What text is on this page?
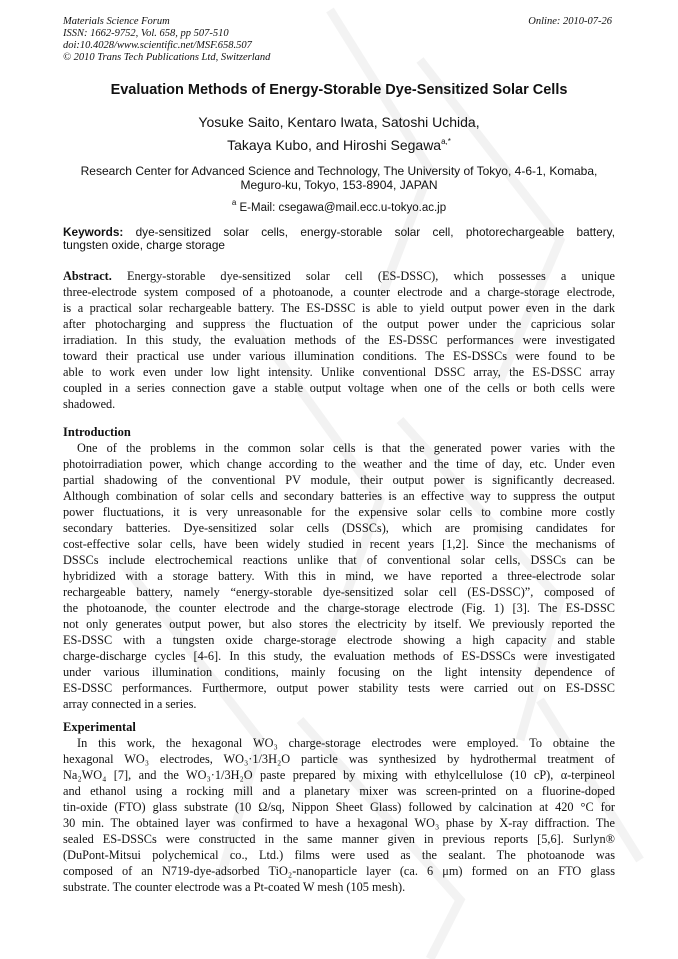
Materials Science Forum
ISSN: 1662-9752, Vol. 658, pp 507-510
doi:10.4028/www.scientific.net/MSF.658.507
© 2010 Trans Tech Publications Ltd, Switzerland
Online: 2010-07-26
Evaluation Methods of Energy-Storable Dye-Sensitized Solar Cells
Yosuke Saito, Kentaro Iwata, Satoshi Uchida,
Takaya Kubo, and Hiroshi Segawa$^{a,*}$
Research Center for Advanced Science and Technology, The University of Tokyo, 4-6-1, Komaba,
Meguro-ku, Tokyo, 153-8904, JAPAN
$^a$ E-Mail: csegawa@mail.ecc.u-tokyo.ac.jp
Keywords: dye-sensitized solar cells, energy-storable solar cell, photorechargeable battery,
tungsten oxide, charge storage
Abstract. Energy-storable dye-sensitized solar cell (ES-DSSC), which possesses a unique
three-electrode system composed of a photoanode, a counter electrode and a charge-storage electrode,
is a practical solar rechargeable battery. The ES-DSSC is able to yield output power even in the dark
after photocharging and suppress the fluctuation of the output power under the capricious solar
irradiation. In this study, the evaluation methods of the ES-DSSC performances were investigated
toward their practical use under various illumination conditions. The ES-DSSCs were found to be
able to work even under low light intensity. Unlike conventional DSSC array, the ES-DSSC array
coupled in a series connection gave a stable output voltage when one of the cells or both cells were
shadowed.
Introduction
One of the problems in the common solar cells is that the generated power varies with the
photoirradiation power, which change according to the weather and the time of day, etc. Under even
partial shadowing of the conventional PV module, their output power is significantly decreased.
Although combination of solar cells and secondary batteries is an effective way to suppress the output
power fluctuations, it is very unreasonable for the expensive solar cells to combine more costly
secondary batteries. Dye-sensitized solar cells (DSSCs), which are promising candidates for
cost-effective solar cells, have been widely studied in recent years [1,2]. Since the mechanisms of
DSSCs include electrochemical reactions unlike that of conventional solar cells, DSSCs can be
hybridized with a storage battery. With this in mind, we have reported a three-electrode solar
rechargeable battery, namely “energy-storable dye-sensitized solar cell (ES-DSSC)”, composed of
the photoanode, the counter electrode and the charge-storage electrode (Fig. 1) [3]. The ES-DSSC
not only generates output power, but also stores the electricity by itself. We previously reported the
ES-DSSC with a tungsten oxide charge-storage electrode showing a high capacity and stable
charge-discharge cycles [4-6]. In this study, the evaluation methods of ES-DSSCs were investigated
under various illumination conditions, mainly focusing on the light intensity dependence of
ES-DSSC performances. Furthermore, output power stability tests were carried out on ES-DSSC
array connected in a series.
Experimental
In this work, the hexagonal WO₃ charge-storage electrodes were employed. To obtaine the
hexagonal WO₃ electrodes, WO₃·1/3H₂O particle was synthesized by hydrothermal treatment of
Na₂WO₄ [7], and the WO₃·1/3H₂O paste prepared by mixing with ethylcellulose (10 cP), α-terpineol
and ethanol using a rocking mill and a planetary mixer was screen-printed on a fluorine-doped
tin-oxide (FTO) glass substrate (10 Ω/sq, Nippon Sheet Glass) followed by calcination at 420 °C for
30 min. The obtained layer was confirmed to have a hexagonal WO₃ phase by X-ray diffraction. The
sealed ES-DSSCs were constructed in the same manner given in previous reports [5,6]. Surlyn®
(DuPont-Mitsui polychemical co., Ltd.) films were used as the sealant. The photoanode was
composed of an N719-dye-adsorbed TiO₂-nanoparticle layer (ca. 6 μm) formed on an FTO glass
substrate. The counter electrode was a Pt-coated W mesh (105 mesh).
